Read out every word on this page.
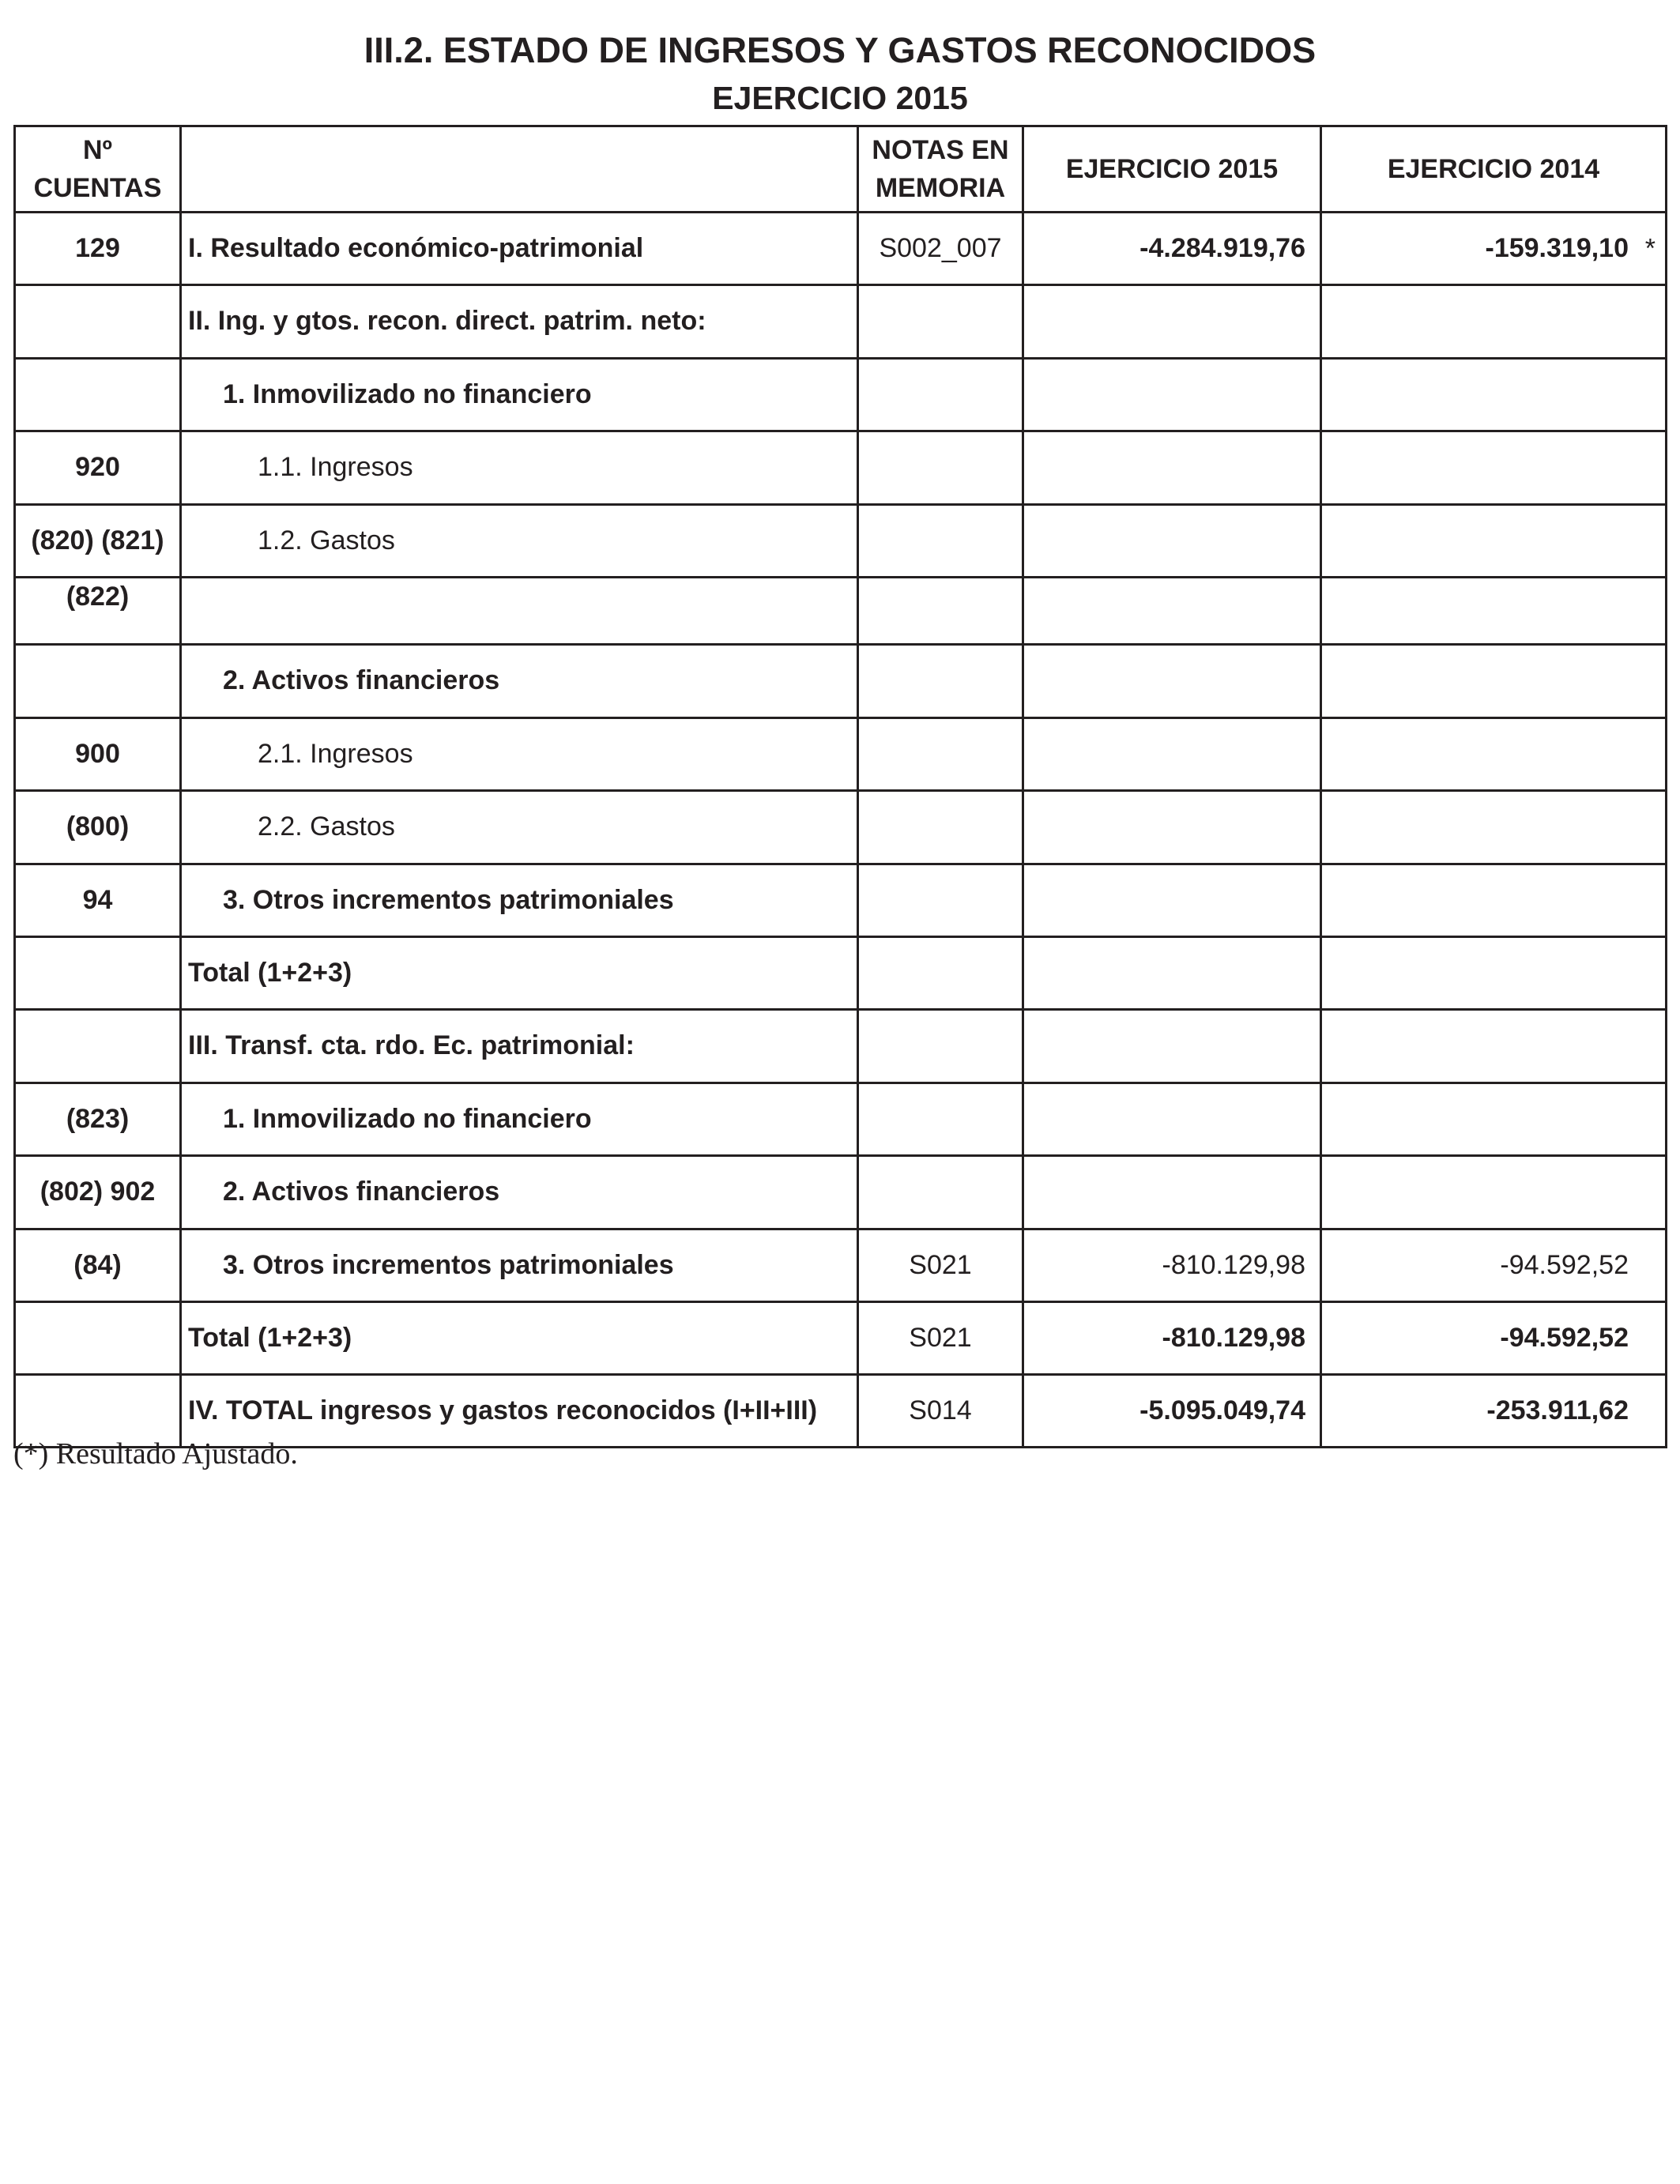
III.2. ESTADO DE INGRESOS Y GASTOS RECONOCIDOS
EJERCICIO 2015
Nº CUENTAS		NOTAS EN MEMORIA	EJERCICIO 2015	EJERCICIO 2014
129	I. Resultado económico-patrimonial	S002_007	-4.284.919,76	-159.319,10 *

	II. Ing. y gtos. recon. direct. patrim. neto:			
	1. Inmovilizado no financiero			
920	1.1. Ingresos			
(820) (821)	1.2. Gastos			
(822)				
	2. Activos financieros			
900	2.1. Ingresos			
(800)	2.2. Gastos			
94	3. Otros incrementos patrimoniales			
	Total (1+2+3)			
	III. Transf. cta. rdo. Ec. patrimonial:			
(823)	1. Inmovilizado no financiero			
(802) 902	2. Activos financieros			
(84)	3. Otros incrementos patrimoniales	S021	-810.129,98	-94.592,52
	Total (1+2+3)	S021	-810.129,98	-94.592,52
	IV. TOTAL ingresos y gastos reconocidos (I+II+III)	S014	-5.095.049,74	-253.911,62
(*) Resultado Ajustado.
